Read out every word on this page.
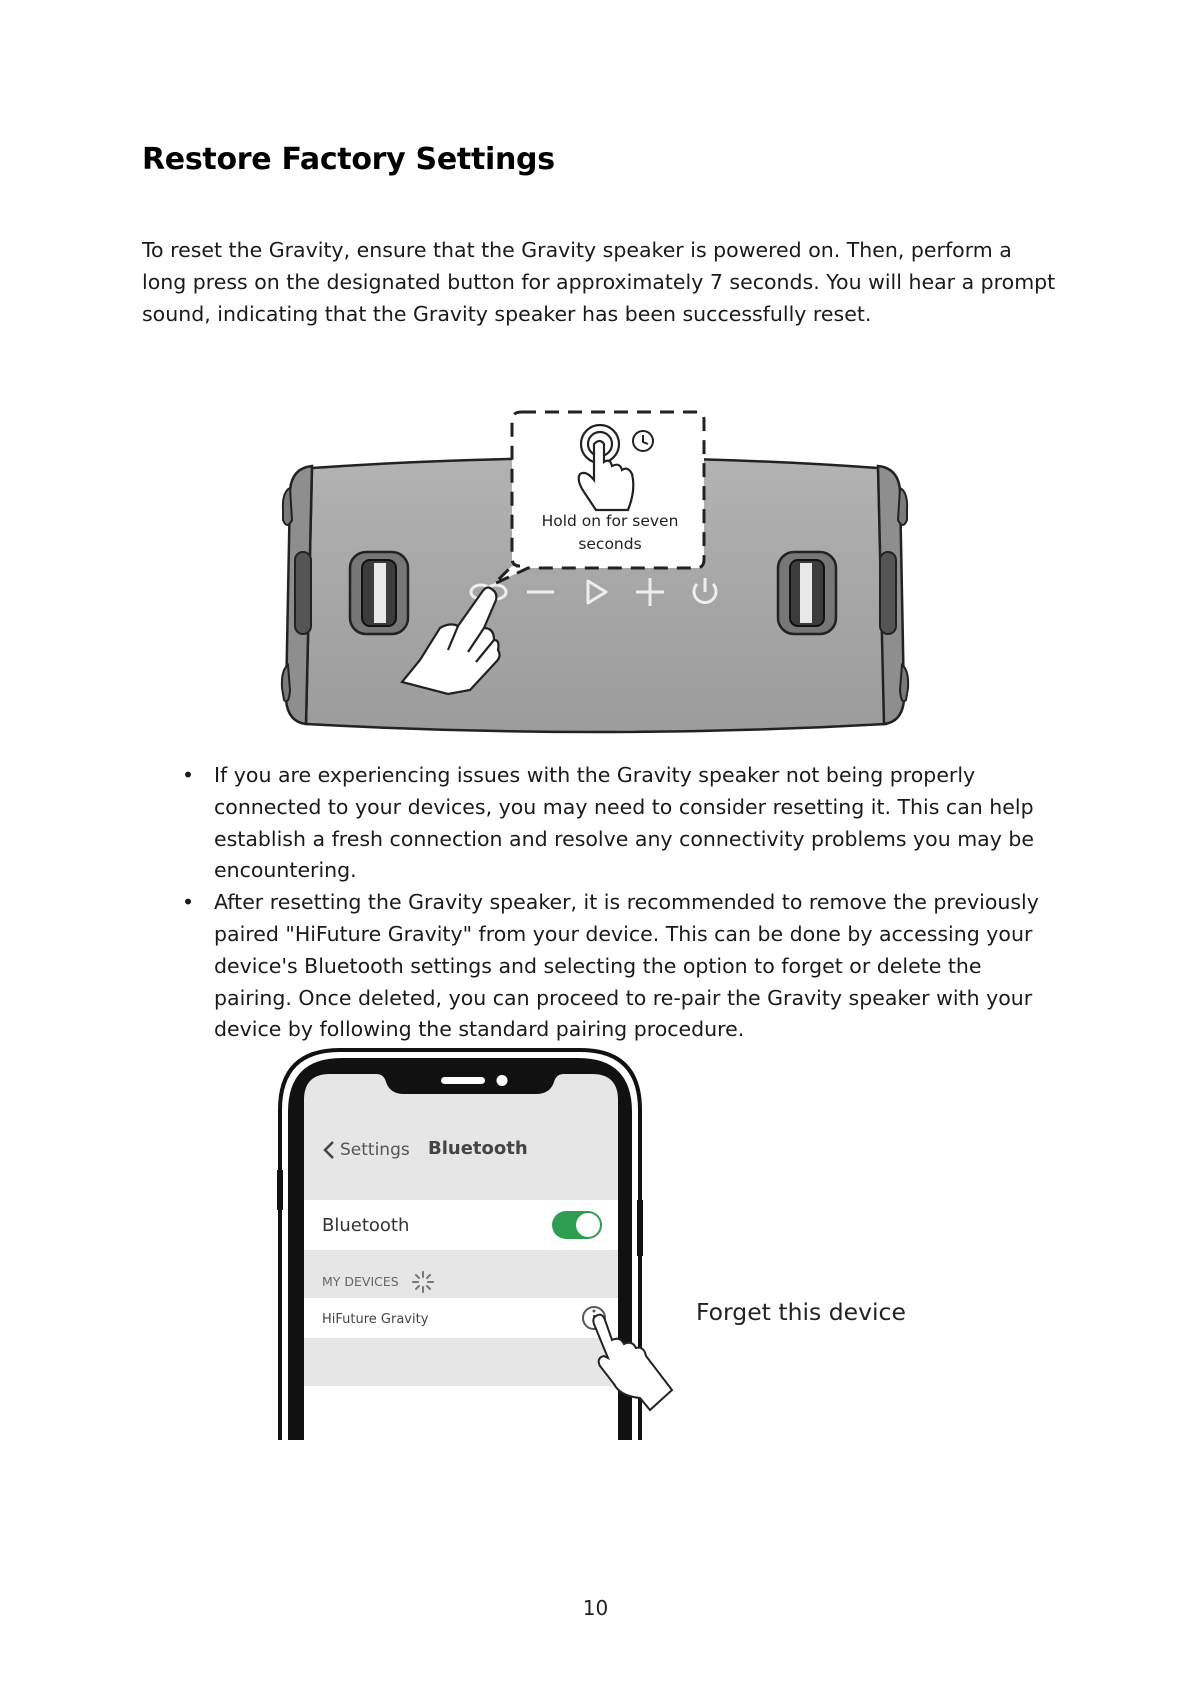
Restore Factory Settings

To reset the Gravity, ensure that the Gravity speaker is powered on. Then, perform a long press on the designated button for approximately 7 seconds. You will hear a prompt sound, indicating that the Gravity speaker has been successfully reset.

Hold on for seven
seconds
• If you are experiencing issues with the Gravity speaker not being properly connected to your devices, you may need to consider resetting it. This can help establish a fresh connection and resolve any connectivity problems you may be encountering.
• After resetting the Gravity speaker, it is recommended to remove the previously paired "HiFuture Gravity" from your device. This can be done by accessing your device's Bluetooth settings and selecting the option to forget or delete the pairing. Once deleted, you can proceed to re-pair the Gravity speaker with your device by following the standard pairing procedure.
Settings Bluetooth
Bluetooth
MY DEVICES
HiFuture Gravity	Forget this device
10
